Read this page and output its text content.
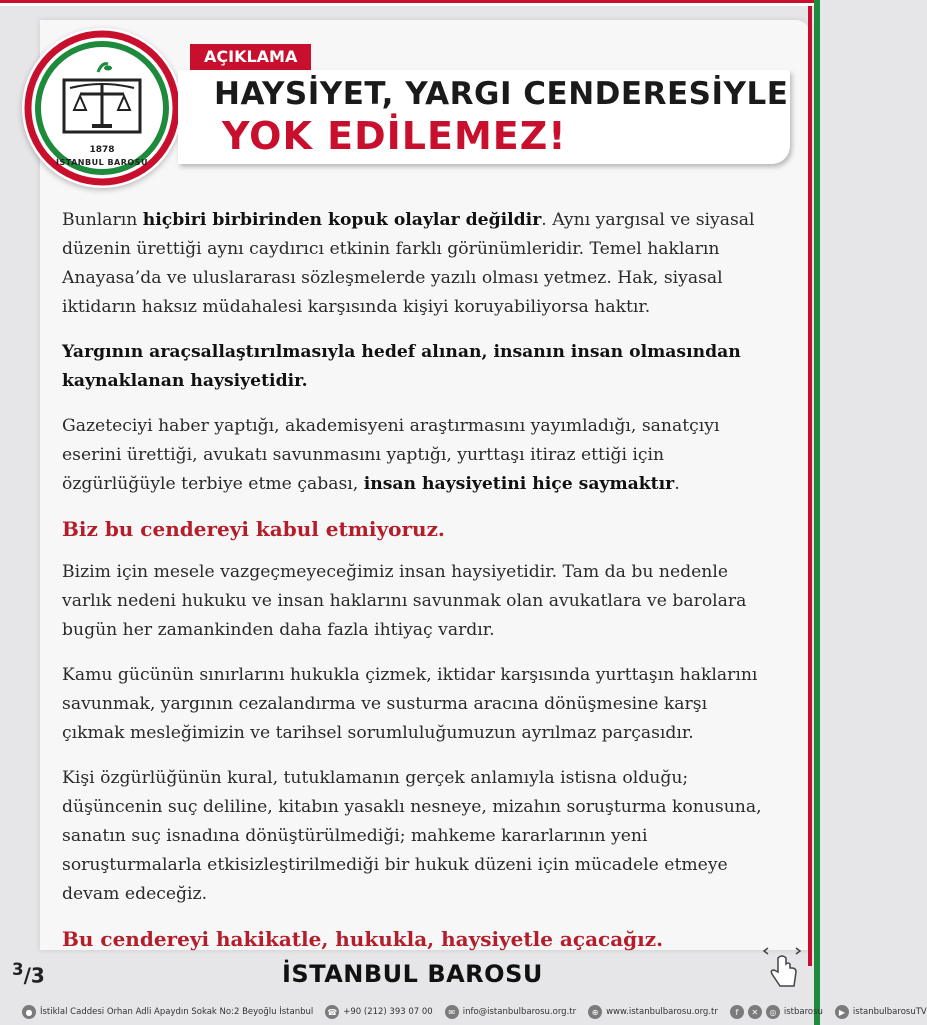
1878
İSTANBUL BAROSU
AÇIKLAMA
HAYSİYET, YARGI CENDERESİYLE
YOK EDİLEMEZ!

Bunların hiçbiri birbirinden kopuk olaylar değildir. Aynı yargısal ve siyasal düzenin ürettiği aynı caydırıcı etkinin farklı görünümleridir. Temel hakların Anayasa’da ve uluslararası sözleşmelerde yazılı olması yetmez. Hak, siyasal iktidarın haksız müdahalesi karşısında kişiyi koruyabiliyorsa haktır.

Yargının araçsallaştırılmasıyla hedef alınan, insanın insan olmasından kaynaklanan haysiyetidir.

Gazeteciyi haber yaptığı, akademisyeni araştırmasını yayımladığı, sanatçıyı eserini ürettiği, avukatı savunmasını yaptığı, yurttaşı itiraz ettiği için özgürlüğüyle terbiye etme çabası, insan haysiyetini hiçe saymaktır.

Biz bu cendereyi kabul etmiyoruz.

Bizim için mesele vazgeçmeyeceğimiz insan haysiyetidir. Tam da bu nedenle varlık nedeni hukuku ve insan haklarını savunmak olan avukatlara ve barolara bugün her zamankinden daha fazla ihtiyaç vardır.

Kamu gücünün sınırlarını hukukla çizmek, iktidar karşısında yurttaşın haklarını savunmak, yargının cezalandırma ve susturma aracına dönüşmesine karşı çıkmak mesleğimizin ve tarihsel sorumluluğumuzun ayrılmaz parçasıdır.

Kişi özgürlüğünün kural, tutuklamanın gerçek anlamıyla istisna olduğu; düşüncenin suç deliline, kitabın yasaklı nesneye, mizahın soruşturma konusuna, sanatın suç isnadına dönüştürülmediği; mahkeme kararlarının yeni soruşturmalarla etkisizleştirilmediği bir hukuk düzeni için mücadele etmeye devam edeceğiz.

Bu cendereyi hakikatle, hukukla, haysiyetle açacağız.

$^3$/3	İSTANBUL BAROSU
● İstiklal Caddesi Orhan Adli Apaydın Sokak No:2 Beyoğlu İstanbul ☎ +90 (212) 393 07 00	✉ info@istanbulbarosu.org.tr	⊕ www.istanbulbarosu.org.tr	f	✕	◎ istbarosu	▶ istanbulbarosuTV
